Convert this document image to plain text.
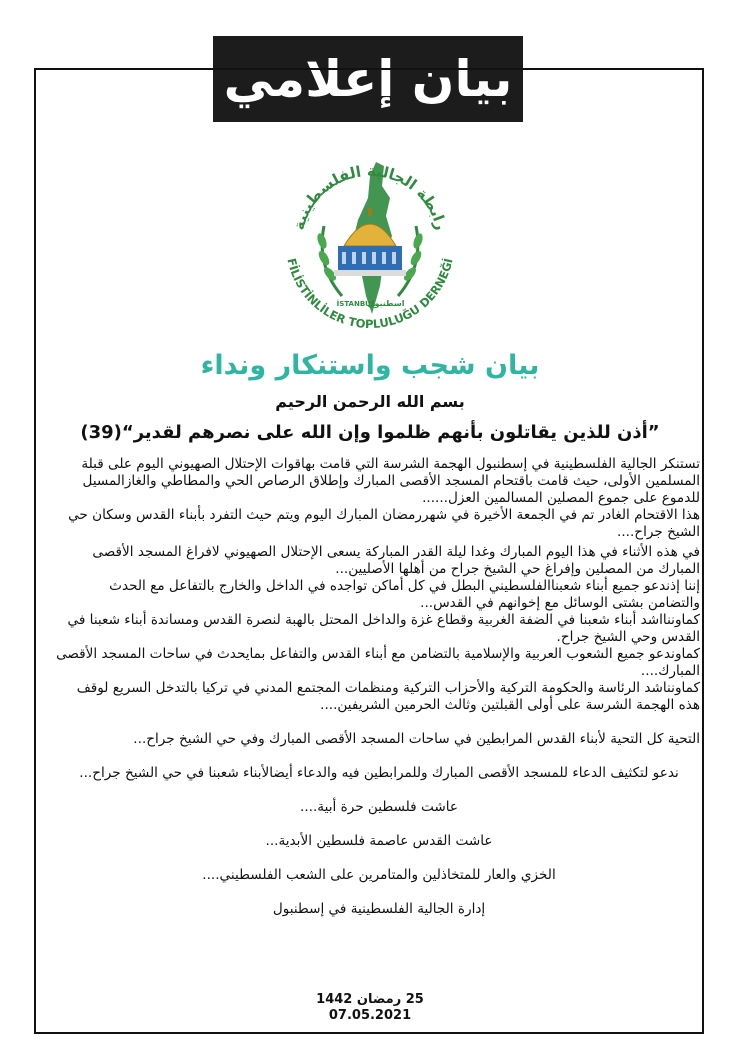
بيان إعلامي
رابطة الجالية الفلسطينية
FİLİSTİNLİLER TOPLULUĞU DERNEĞİ
İSTANBUL
اسطنبول
بيان شجب واستنكار ونداء
بسم الله الرحمن الرحيم
”أذن للذين يقاتلون بأنهم ظلموا وإن الله على نصرهم لقدير“(39)

تستنكر الجالية الفلسطينية في إسطنبول الهجمة الشرسة التي قامت بهاقوات الإحتلال الصهيوني اليوم على قبلة المسلمين الأولى، حيث قامت باقتحام المسجد الأقصى المبارك وإطلاق الرصاص الحي والمطاطي والغازالمسيل للدموع على جموع المصلين المسالمين العزل......

هذا الاقتحام الغادر تم في الجمعة الأخيرة في شهررمضان المبارك اليوم ويتم حيث التفرد بأبناء القدس وسكان حي الشيخ جراح....

في هذه الأثناء في هذا اليوم المبارك وغدا ليلة القدر المباركة يسعى الإحتلال الصهيوني لافراغ المسجد الأقصى المبارك من المصلين وإفراغ حي الشيخ جراح من أهلها الأصليين...

إننا إذندعو جميع أبناء شعبناالفلسطيني البطل في كل أماكن تواجده في الداخل والخارج بالتفاعل مع الحدث والتضامن بشتى الوسائل مع إخوانهم في القدس...

كماوننااشد أبناء شعبنا في الضفة الغربية وقطاع غزة والداخل المحتل بالهبة لنصرة القدس ومساندة أبناء شعبنا في القدس وحي الشيخ جراح.

كماوندعو جميع الشعوب العربية والإسلامية بالتضامن مع أبناء القدس والتفاعل بمايحدث في ساحات المسجد الأقصى المبارك....

كماونناشد الرئاسة والحكومة التركية والأحزاب التركية ومنظمات المجتمع المدني في تركيا بالتدخل السريع لوقف هذه الهجمة الشرسة على أولى القبلتين وثالث الحرمين الشريفين....

التحية كل التحية لأبناء القدس المرابطين في ساحات المسجد الأقصى المبارك وفي حي الشيخ جراح...

ندعو لتكثيف الدعاء للمسجد الأقصى المبارك وللمرابطين فيه والدعاء أيضالأبناء شعبنا في حي الشيخ جراح...

عاشت فلسطين حرة أبية....

عاشت القدس عاصمة فلسطين الأبدية...

الخزي والعار للمتخاذلين والمتامرين على الشعب الفلسطيني....

إدارة الجالية الفلسطينية في إسطنبول

25 رمضان 1442
07.05.2021
